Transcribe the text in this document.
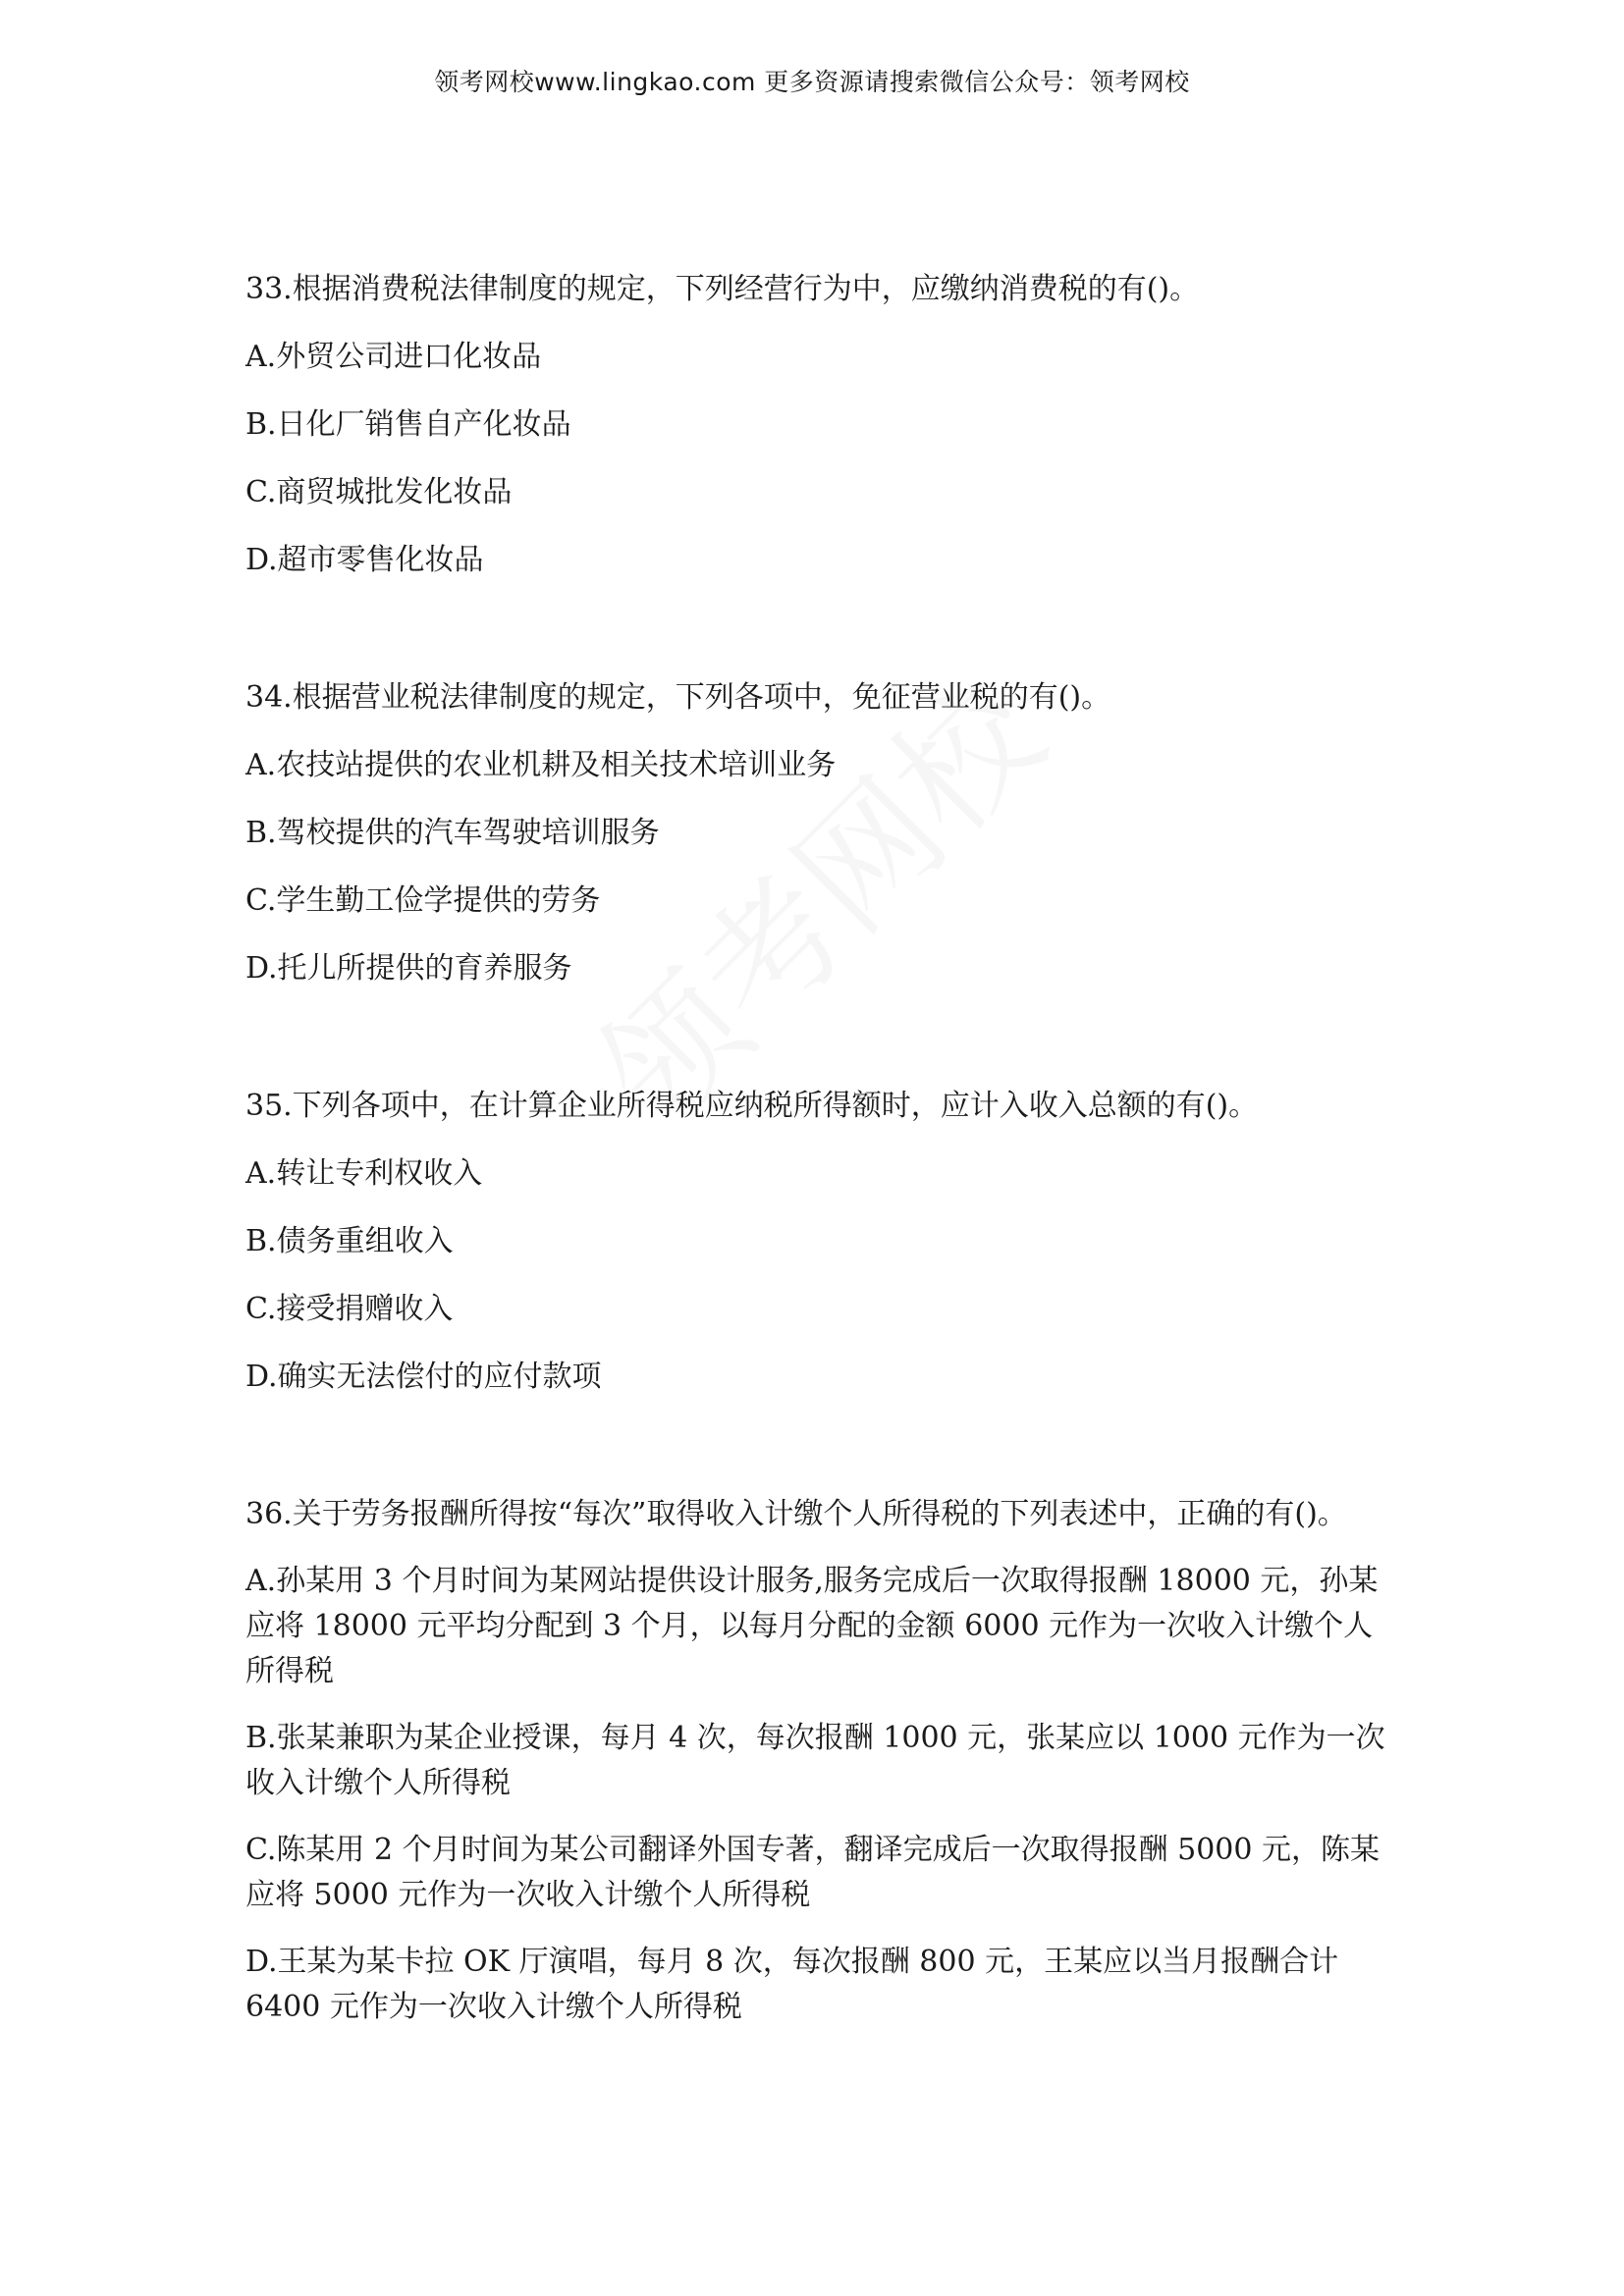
领考网校www.lingkao.com 更多资源请搜索微信公众号：领考网校

33.根据消费税法律制度的规定，下列经营行为中，应缴纳消费税的有()。

A.外贸公司进口化妆品

B.日化厂销售自产化妆品

C.商贸城批发化妆品

D.超市零售化妆品

34.根据营业税法律制度的规定，下列各项中，免征营业税的有()。

A.农技站提供的农业机耕及相关技术培训业务

B.驾校提供的汽车驾驶培训服务

C.学生勤工俭学提供的劳务

D.托儿所提供的育养服务

35.下列各项中，在计算企业所得税应纳税所得额时，应计入收入总额的有()。

A.转让专利权收入

B.债务重组收入

C.接受捐赠收入

D.确实无法偿付的应付款项

36.关于劳务报酬所得按“每次”取得收入计缴个人所得税的下列表述中，正确的有()。

A.孙某用 3 个月时间为某网站提供设计服务,服务完成后一次取得报酬 18000 元，孙某应将 18000 元平均分配到 3 个月，以每月分配的金额 6000 元作为一次收入计缴个人所得税

B.张某兼职为某企业授课，每月 4 次，每次报酬 1000 元，张某应以 1000 元作为一次收入计缴个人所得税

C.陈某用 2 个月时间为某公司翻译外国专著，翻译完成后一次取得报酬 5000 元，陈某应将 5000 元作为一次收入计缴个人所得税

D.王某为某卡拉 OK 厅演唱，每月 8 次，每次报酬 800 元，王某应以当月报酬合计 6400 元作为一次收入计缴个人所得税
